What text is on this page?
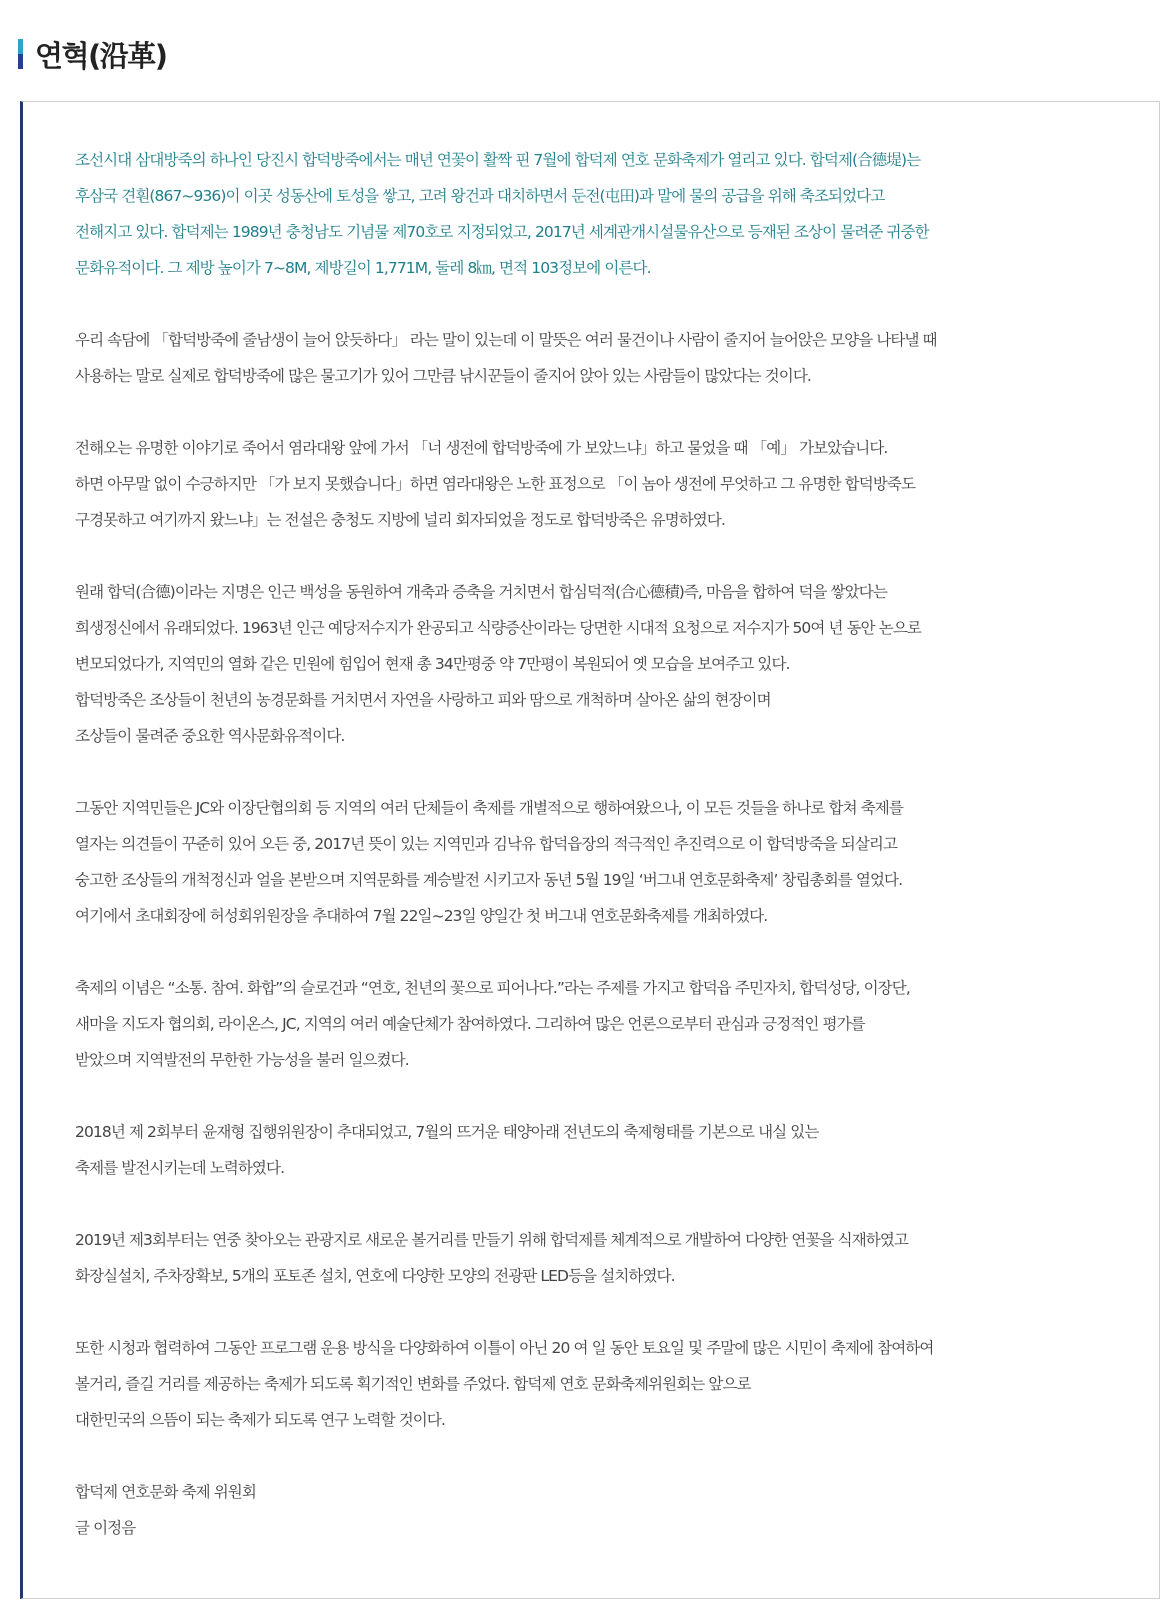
연혁(沿革)

조선시대 삼대방죽의 하나인 당진시 합덕방죽에서는 매년 연꽃이 활짝 핀 7월에 합덕제 연호 문화축제가 열리고 있다. 합덕제(合德堤)는
후삼국 견훤(867~936)이 이곳 성동산에 토성을 쌓고, 고려 왕건과 대치하면서 둔전(屯田)과 말에 물의 공급을 위해 축조되었다고
전해지고 있다. 합덕제는 1989년 충청남도 기념물 제70호로 지정되었고, 2017년 세계관개시설물유산으로 등재된 조상이 물려준 귀중한
문화유적이다. 그 제방 높이가 7~8M, 제방길이 1,771M, 둘레 8㎞, 면적 103정보에 이른다.

우리 속담에 「합덕방죽에 줄남생이 늘어 앉듯하다」 라는 말이 있는데 이 말뜻은 여러 물건이나 사람이 줄지어 늘어앉은 모양을 나타낼 때
사용하는 말로 실제로 합덕방죽에 많은 물고기가 있어 그만큼 낚시꾼들이 줄지어 앉아 있는 사람들이 많았다는 것이다.

전해오는 유명한 이야기로 죽어서 염라대왕 앞에 가서 「너 생전에 합덕방죽에 가 보았느냐」하고 물었을 때 「예」 가보았습니다.
하면 아무말 없이 수긍하지만 「가 보지 못했습니다」하면 염라대왕은 노한 표정으로 「이 놈아 생전에 무엇하고 그 유명한 합덕방죽도
구경못하고 여기까지 왔느냐」는 전설은 충청도 지방에 널리 회자되었을 정도로 합덕방죽은 유명하였다.

원래 합덕(合德)이라는 지명은 인근 백성을 동원하여 개축과 증축을 거치면서 합심덕적(合心德積)즉, 마음을 합하여 덕을 쌓았다는
희생정신에서 유래되었다. 1963년 인근 예당저수지가 완공되고 식량증산이라는 당면한 시대적 요청으로 저수지가 50여 년 동안 논으로
변모되었다가, 지역민의 열화 같은 민원에 힘입어 현재 총 34만평중 약 7만평이 복원되어 옛 모습을 보여주고 있다.
합덕방죽은 조상들이 천년의 농경문화를 거치면서 자연을 사랑하고 피와 땀으로 개척하며 살아온 삶의 현장이며
조상들이 물려준 중요한 역사문화유적이다.

그동안 지역민들은 JC와 이장단협의회 등 지역의 여러 단체들이 축제를 개별적으로 행하여왔으나, 이 모든 것들을 하나로 합쳐 축제를
열자는 의견들이 꾸준히 있어 오든 중, 2017년 뜻이 있는 지역민과 김낙유 합덕읍장의 적극적인 추진력으로 이 합덕방죽을 되살리고
숭고한 조상들의 개척정신과 얼을 본받으며 지역문화를 계승발전 시키고자 동년 5월 19일 ‘버그내 연호문화축제’ 창립총회를 열었다.
여기에서 초대회장에 허성회위원장을 추대하여 7월 22일~23일 양일간 첫 버그내 연호문화축제를 개최하였다.

축제의 이념은 “소통. 참여. 화합”의 슬로건과 “연호, 천년의 꽃으로 피어나다.”라는 주제를 가지고 합덕읍 주민자치, 합덕성당, 이장단,
새마을 지도자 협의회, 라이온스, JC, 지역의 여러 예술단체가 참여하였다. 그리하여 많은 언론으로부터 관심과 긍정적인 평가를
받았으며 지역발전의 무한한 가능성을 불러 일으켰다.

2018년 제 2회부터 윤재형 집행위원장이 추대되었고, 7월의 뜨거운 태양아래 전년도의 축제형태를 기본으로 내실 있는
축제를 발전시키는데 노력하였다.

2019년 제3회부터는 연중 찾아오는 관광지로 새로운 볼거리를 만들기 위해 합덕제를 체계적으로 개발하여 다양한 연꽃을 식재하였고
화장실설치, 주차장확보, 5개의 포토존 설치, 연호에 다양한 모양의 전광판 LED등을 설치하였다.

또한 시청과 협력하여 그동안 프로그램 운용 방식을 다양화하여 이틀이 아닌 20 여 일 동안 토요일 및 주말에 많은 시민이 축제에 참여하여
볼거리, 즐길 거리를 제공하는 축제가 되도록 획기적인 변화를 주었다. 합덕제 연호 문화축제위원회는 앞으로
대한민국의 으뜸이 되는 축제가 되도록 연구 노력할 것이다.

합덕제 연호문화 축제 위원회
글 이정음
